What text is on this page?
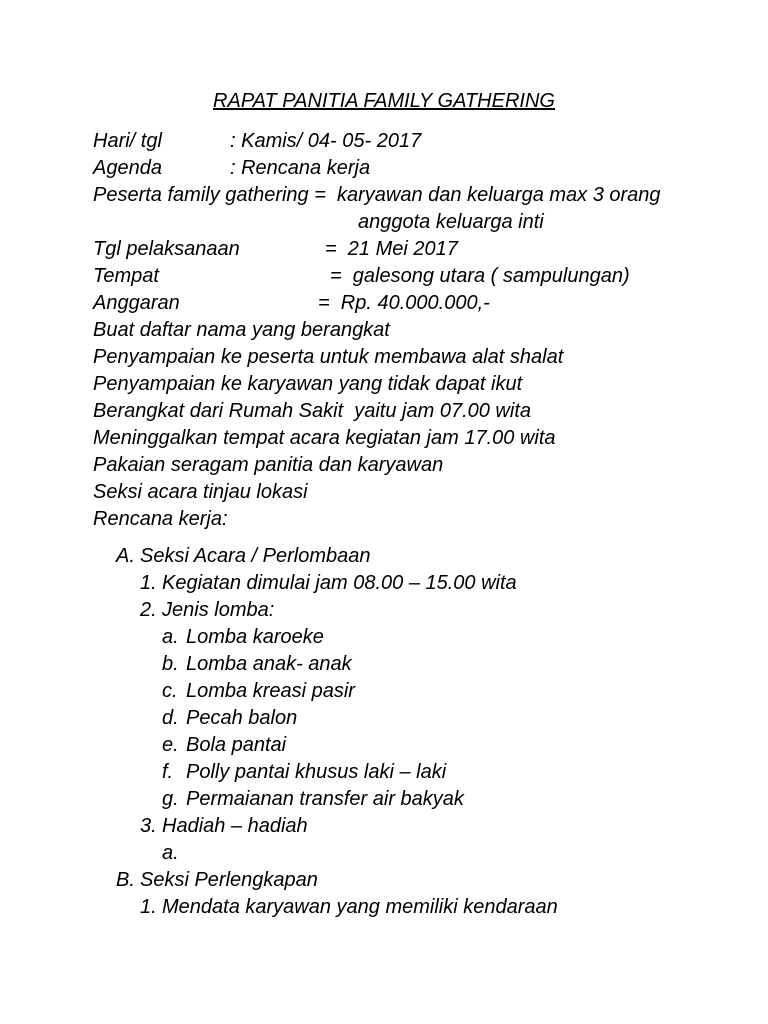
RAPAT PANITIA FAMILY GATHERING
Hari/ tgl	: Kamis/ 04- 05- 2017
Agenda	: Rencana kerja
Peserta family gathering =  karyawan dan keluarga max 3 orang
anggota keluarga inti
Tgl pelaksanaan	=  21 Mei 2017
Tempat	=  galesong utara ( sampulungan)
Anggaran	=  Rp. 40.000.000,-
Buat daftar nama yang berangkat
Penyampaian ke peserta untuk membawa alat shalat
Penyampaian ke karyawan yang tidak dapat ikut
Berangkat dari Rumah Sakit  yaitu jam 07.00 wita
Meninggalkan tempat acara kegiatan jam 17.00 wita
Pakaian seragam panitia dan karyawan
Seksi acara tinjau lokasi
Rencana kerja:
A. Seksi Acara / Perlombaan
1. Kegiatan dimulai jam 08.00 – 15.00 wita
2. Jenis lomba:
a. Lomba karoeke
b. Lomba anak- anak
c. Lomba kreasi pasir
d. Pecah balon
e. Bola pantai
f. Polly pantai khusus laki – laki
g. Permaianan transfer air bakyak
3. Hadiah – hadiah
a.
B. Seksi Perlengkapan
1. Mendata karyawan yang memiliki kendaraan
